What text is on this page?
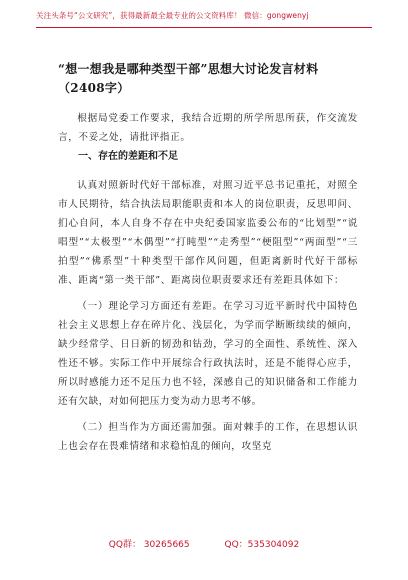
关注头条号“公文研究”，获得最新最全最专业的公文资料库！ 微信：gongwenyj

“想一想我是哪种类型干部”思想大讨论发言材料（2408字）

根据局党委工作要求，我结合近期的所学所思所获，作交流发言，不妥之处，请批评指正。

一、存在的差距和不足

认真对照新时代好干部标准，对照习近平总书记重托，对照全市人民期待，结合执法局职能职责和本人的岗位职责，反思叩问、扪心自问，本人自身不存在中央纪委国家监委公布的“比划型”“说唱型”“太极型”“木偶型”“打盹型”“走秀型”“梗阻型”“两面型”“三拍型”“佛系型”十种类型干部作风问题，但距离新时代好干部标准、距离“第一类干部”、距离岗位职责要求还有差距具体如下：

（一）理论学习方面还有差距。在学习习近平新时代中国特色社会主义思想上存在碎片化、浅层化，为学而学断断续续的倾向，缺少经常学、日日新的韧劲和钻劲，学习的全面性、系统性、深入性还不够。实际工作中开展综合行政执法时，还是不能得心应手，所以时感能力还不足压力也不轻，深感自己的知识储备和工作能力还有欠缺，对如何把压力变为动力思考不够。

（二）担当作为方面还需加强。面对棘手的工作，在思想认识上也会存在畏难情绪和求稳怕乱的倾向，攻坚克

QQ群： 30265665	QQ：535304092
